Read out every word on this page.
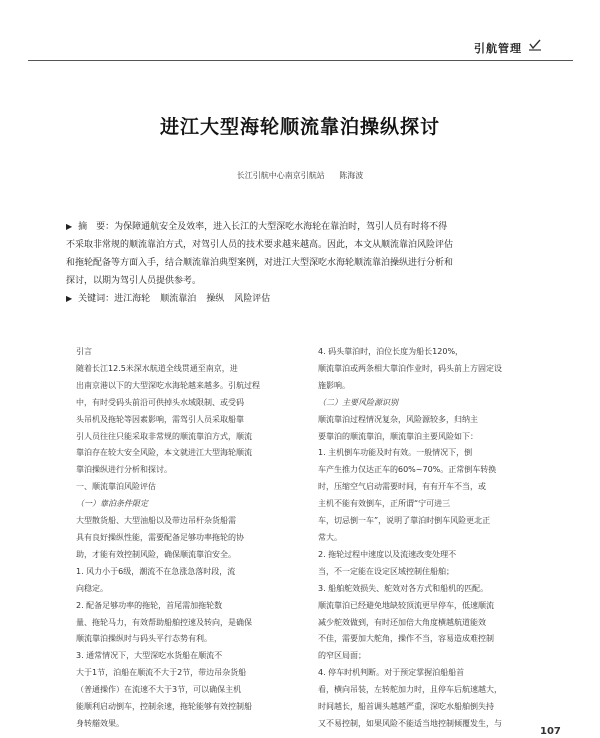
引航管理
进江大型海轮顺流靠泊操纵探讨
长江引航中心南京引航站 陈海波
▶ 摘　要：为保障通航安全及效率，进入长江的大型深吃水海轮在靠泊时，驾引人员有时将不得
不采取非常规的顺流靠泊方式，对驾引人员的技术要求越来越高。因此，本文从顺流靠泊风险评估
和拖轮配备等方面入手，结合顺流靠泊典型案例，对进江大型深吃水海轮顺流靠泊操纵进行分析和
探讨，以期为驾引人员提供参考。
▶ 关键词：进江海轮 顺流靠泊 操纵 风险评估

引言

随着长江12.5米深水航道全线贯通至南京，进

出南京港以下的大型深吃水海轮越来越多。引航过程

中，有时受码头前沿可供掉头水域限制、或受码

头吊机及拖轮等因素影响，需驾引人员采取船靠

引人员往往只能采取非常规的顺流靠泊方式，顺流

靠泊存在较大安全风险，本文就进江大型海轮顺流

靠泊操纵进行分析和探讨。

一、顺流靠泊风险评估

（一）靠泊条件限定

大型散货船、大型油船以及带边吊杆杂货船需

具有良好操纵性能，需要配备足够功率拖轮的协

助，才能有效控制风险，确保顺流靠泊安全。

1. 风力小于6级，潮流不在急涨急落时段，流

向稳定。

2. 配备足够功率的拖轮，首尾需加拖轮数

量、拖轮马力，有效帮助船舶控速及转向，是确保

顺流靠泊操纵时与码头平行态势有利。

3. 通常情况下，大型深吃水货船在顺流不

大于1节，泊船在顺流不大于2节，带边吊杂货船

（普通操作）在流速不大于3节，可以确保主机

能顺利启动倒车，控制余速，拖轮能够有效控制船

身转艏效果。

4. 码头靠泊时，泊位长度为船长120%，

顺流靠泊或两条相大靠泊作业时，码头前上方固定设

施影响。

（二）主要风险源识别

顺流靠泊过程情况复杂，风险源较多，归纳主

要靠泊的顺流靠泊，顺流靠泊主要风险如下：

1. 主机倒车功能及时有效。一般情况下，倒

车产生推力仅达正车的60%~70%。正常倒车转换

时，压缩空气启动需要时间，有有开车不当，或

主机不能有效倒车，正所谓“宁可进三

车，切忌倒一车”，说明了靠泊时倒车风险更北正

常大。

2. 拖轮过程中速度以及流速改变处理不

当，不一定能在设定区域控制住船舶；

3. 船舶舵效损失、舵效对各方式和船机的匹配。

顺流靠泊已经避免地缺较顶流更早停车，低速顺流

减少舵效做到，有时还加倍大角度横越航道能效

不佳，需要加大舵角，操作不当，容易造成难控制

的窄区局面；

4. 停车时机判断。对于预定掌握泊船船首

看，横向吊装，左转舵加力时，且停车后航速越大，

时间越长，船首调头越越严重，深吃水船舶倒失持

又不易控制，如果风险不能适当地控制倾覆发生，与

107
